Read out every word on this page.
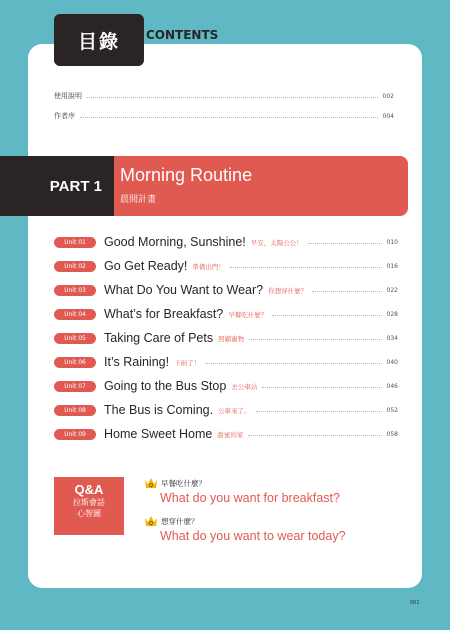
目錄 CONTENTS
使用說明	002
作者序	004
PART 1
Morning Routine
晨間計畫
Unit 01	Good Morning, Sunshine! 早安，太陽公公！	010
Unit 02	Go Get Ready! 準備出門！	016
Unit 03	What Do You Want to Wear? 你想穿什麼？	022
Unit 04	What’s for Breakfast? 早餐吃什麼？	028
Unit 05	Taking Care of Pets 照顧寵物	034
Unit 06	It’s Raining! 下雨了！	040
Unit 07	Going to the Bus Stop 去公車站	046
Unit 08	The Bus is Coming. 公車來了。	052
Unit 09	Home Sweet Home 甜蜜的家	058
Q&A
拉斯會話
心智圖
Q 早餐吃什麼？
What do you want for breakfast?
Q 想穿什麼？
What do you want to wear today?
001
